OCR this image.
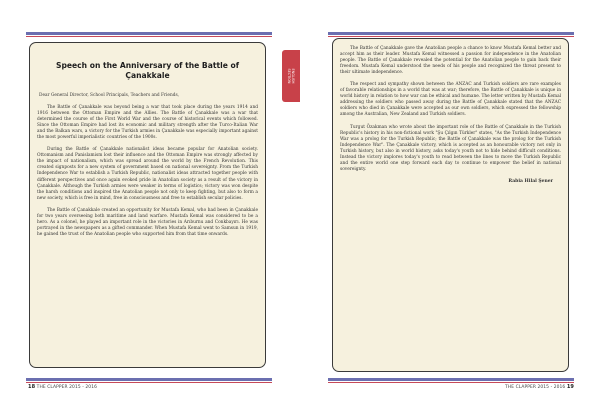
Speech on the Anniversary of the Battle of Çanakkale
Dear General Director, School Principals, Teachers and Friends,

The Battle of Çanakkale was beyond being a war that took place during the years 1914 and 1916 between the Ottoman Empire and the Allies. The Battle of Çanakkale was a war that determined the course of the First World War and the course of historical events which followed. Since the Ottoman Empire had lost its economic and military strength after the Turco-Italian War and the Balkan wars, a victory for the Turkish armies in Çanakkale was especially important against the most powerful imperialistic countries of the 1900s.

During the Battle of Çanakkale nationalist ideas became popular for Anatolian society. Ottomanism and Panislamism lost their influence and the Ottoman Empire was strongly affected by the impact of nationalism, which was spread around the world by the French Revolution. This created signposts for a new system of government based on national sovereignty. From the Turkish Independence War to establish a Turkish Republic, nationalist ideas attracted together people with different perspectives and once again evoked pride in Anatolian society as a result of the victory in Çanakkale. Although the Turkish armies were weaker in terms of logistics; victory was won despite the harsh conditions and inspired the Anatolian people not only to keep fighting, but also to form a new society, which is free in mind, free in consciousness and free to establish secular policies.

The Battle of Çanakkale created an opportunity for Mustafa Kemal, who had been in Çanakkale for two years overseeing both maritime and land warfare. Mustafa Kemal was considered to be a hero. As a colonel, he played an important role in the victories in Arıburnu and Conkbayırı. He was portrayed in the newspapers as a gifted commander. When Mustafa Kemal went to Samsun in 1919, he gained the trust of the Anatolian people who supported him from that time onwards.

18 THE CLAPPER 2015 - 2016

The Battle of Çanakkale gave the Anatolian people a chance to know Mustafa Kemal better and accept him as their leader. Mustafa Kemal witnessed a passion for independence in the Anatolian people. The Battle of Çanakkale revealed the potential for the Anatolian people to gain back their freedom. Mustafa Kemal understood the needs of his people and recognized the threat present to their ultimate independence.

The respect and sympathy shown between the ANZAC and Turkish soldiers are rare examples of favorable relationships in a world that was at war; therefore, the Battle of Çanakkale is unique in world history in relation to how war can be ethical and humane. The letter written by Mustafa Kemal addressing the soldiers who passed away during the Battle of Çanakkale stated that the ANZAC soldiers who died in Çanakkale were accepted as our own soldiers, which expressed the fellowship among the Australian, New Zealand and Turkish soldiers.

Turgut Özakman who wrote about the important role of the Battle of Çanakkale in the Turkish Republic's history in his non-fictional work "Şu Çılgın Türkler" states, "As the Turkish Independence War was a prolog for the Turkish Republic; the Battle of Çanakkale was the prolog for the Turkish Independence War". The Çanakkale victory, which is accepted as an honourable victory not only in Turkish history, but also in world history, asks today's youth not to hide behind difficult conditions. Instead the victory implores today's youth to read between the lines to move the Turkish Republic and the entire world one step forward each day to continue to empower the belief in national sovereignty.

Rabia Hilal Şener
THE CLAPPER 2015 - 2016 19
ENGLISH
SECTION
